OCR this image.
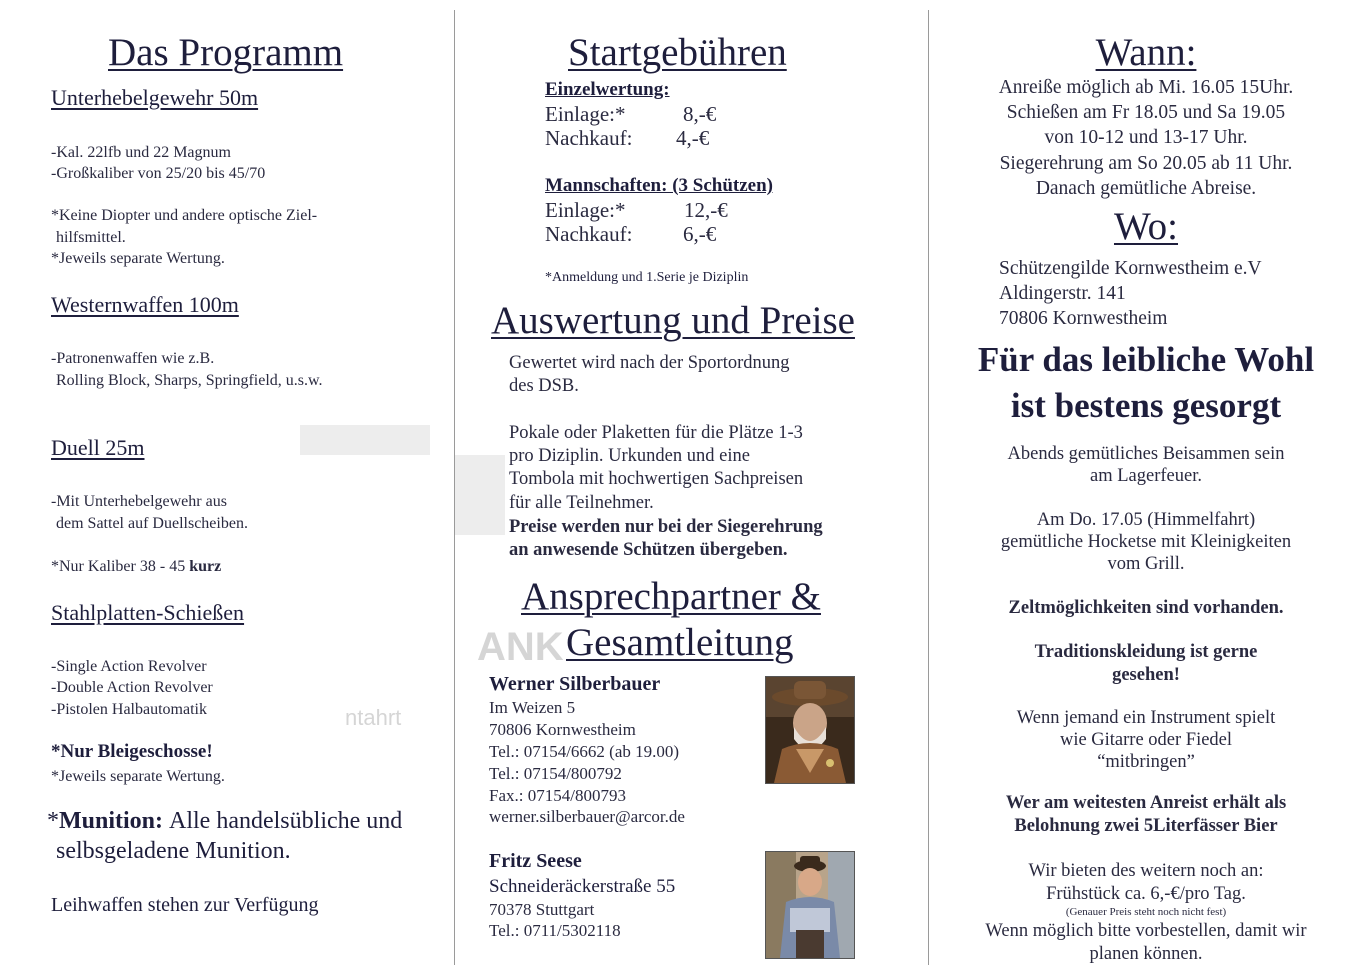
ntahrt
Das Programm
Unterhebelgewehr 50m
-Kal. 22lfb und 22 Magnum
-Großkaliber von 25/20 bis 45/70
*Keine Diopter und andere optische Ziel-
hilfsmittel.
*Jeweils separate Wertung.
Westernwaffen 100m
-Patronenwaffen wie z.B.
Rolling Block, Sharps, Springfield, u.s.w.
Duell 25m
-Mit Unterhebelgewehr aus
dem Sattel auf Duellscheiben.
*Nur Kaliber 38 - 45 kurz
Stahlplatten-Schießen
-Single Action Revolver
-Double Action Revolver
-Pistolen Halbautomatik
*Nur Bleigeschosse!
*Jeweils separate Wertung.
*Munition: Alle handelsübliche und
selbsgeladene Munition.
Leihwaffen stehen zur Verfügung
ANK
Startgebühren
Einzelwertung:
Einlage:*	8,-€
Nachkauf: 4,-€
Mannschaften: (3 Schützen)
Einlage:*	12,-€
Nachkauf: 6,-€
*Anmeldung und 1.Serie je Diziplin
Auswertung und Preise
Gewertet wird nach der Sportordnung
des DSB.
Pokale oder Plaketten für die Plätze 1-3
pro Diziplin. Urkunden und eine
Tombola mit hochwertigen Sachpreisen
für alle Teilnehmer.
Preise werden nur bei der Siegerehrung
an anwesende Schützen übergeben.
Ansprechpartner &
Gesamtleitung
Werner Silberbauer
Im Weizen 5
70806 Kornwestheim
Tel.: 07154/6662 (ab 19.00)
Tel.: 07154/800792
Fax.: 07154/800793
werner.silberbauer@arcor.de
Fritz Seese
Schneideräckerstraße 55
70378 Stuttgart
Tel.: 0711/5302118
Wann:
Anreiße möglich ab Mi. 16.05 15Uhr.
Schießen am Fr 18.05 und Sa 19.05
von 10-12 und 13-17 Uhr.
Siegerehrung am So 20.05 ab 11 Uhr.
Danach gemütliche Abreise.
Wo:
Schützengilde Kornwestheim e.V
Aldingerstr. 141
70806 Kornwestheim
Für das leibliche Wohl
ist bestens gesorgt
Abends gemütliches Beisammen sein
am Lagerfeuer.
Am Do. 17.05 (Himmelfahrt)
gemütliche Hocketse mit Kleinigkeiten
vom Grill.
Zeltmöglichkeiten sind vorhanden.
Traditionskleidung ist gerne
gesehen!
Wenn jemand ein Instrument spielt
wie Gitarre oder Fiedel
“mitbringen”
Wer am weitesten Anreist erhält als
Belohnung zwei 5Literfässer Bier
Wir bieten des weitern noch an:
Frühstück ca. 6,-€/pro Tag.
(Genauer Preis steht noch nicht fest)
Wenn möglich bitte vorbestellen, damit wir
planen können.
